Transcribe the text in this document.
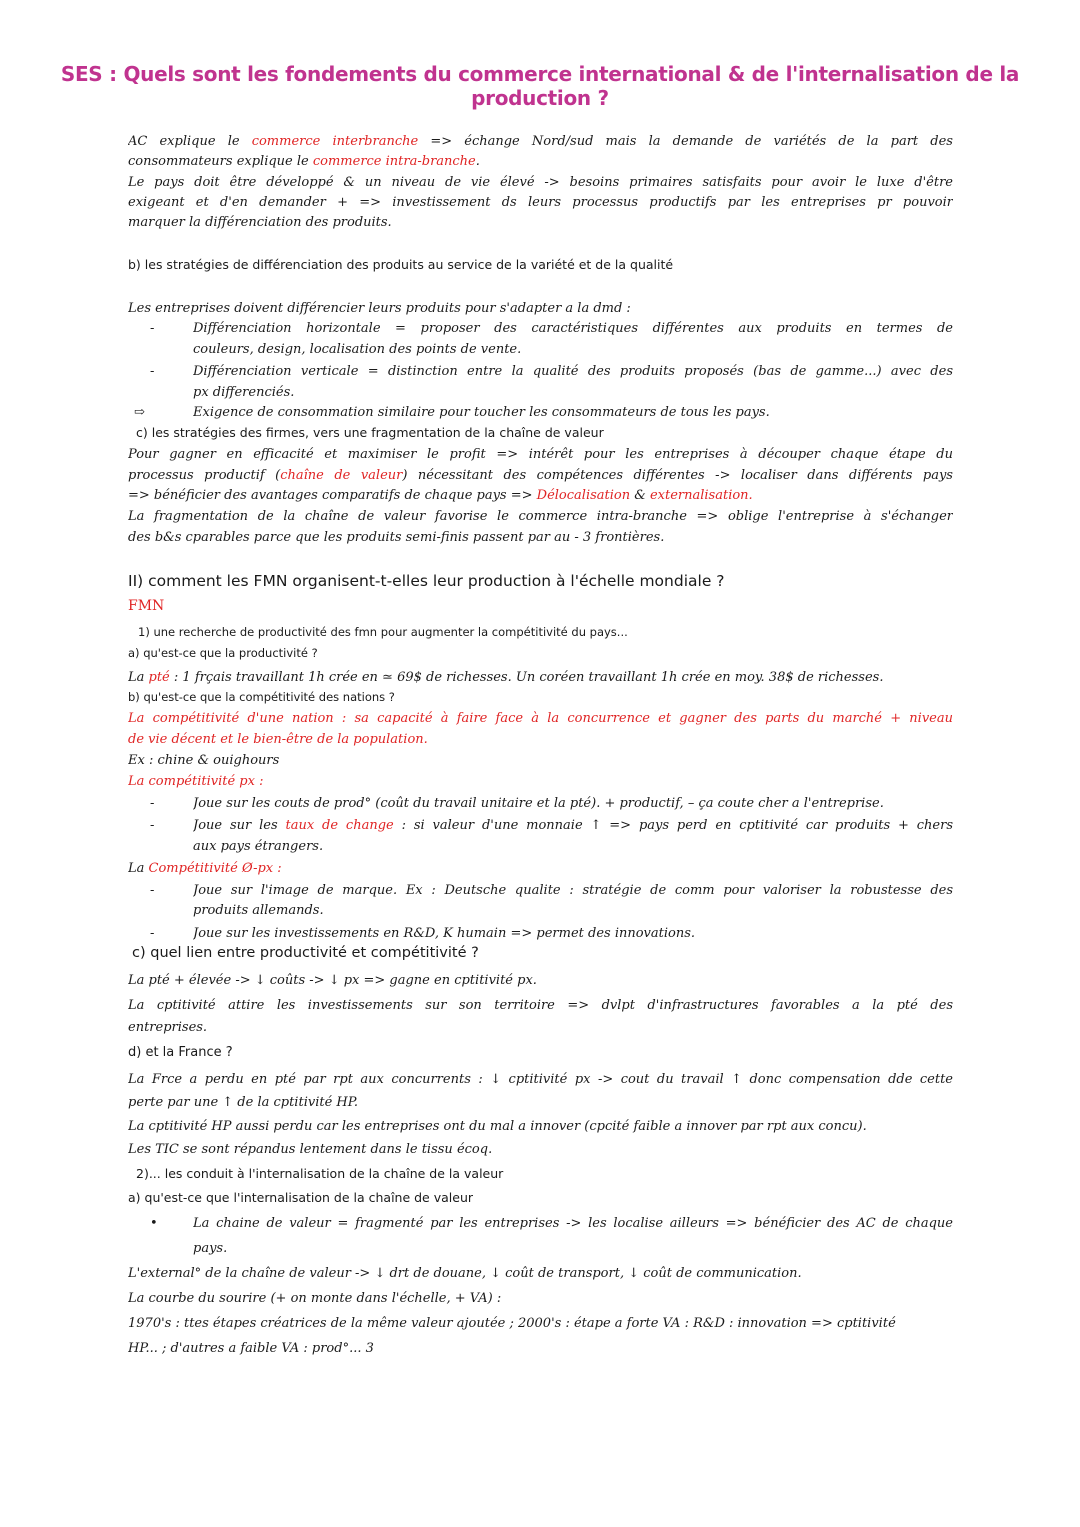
SES : Quels sont les fondements du commerce international & de l'internalisation de la production ?
AC explique le commerce interbranche => échange Nord/sud mais la demande de variétés de la part des
consommateurs explique le commerce intra-branche.
Le pays doit être développé & un niveau de vie élevé -> besoins primaires satisfaits pour avoir le luxe d'être
exigeant et d'en demander + => investissement ds leurs processus productifs par les entreprises pr pouvoir
marquer la différenciation des produits.
b) les stratégies de différenciation des produits au service de la variété et de la qualité
Les entreprises doivent différencier leurs produits pour s'adapter a la dmd :
-	Différenciation horizontale = proposer des caractéristiques différentes aux produits en termes de
couleurs, design, localisation des points de vente.
-	Différenciation verticale = distinction entre la qualité des produits proposés (bas de gamme...) avec des
px differenciés.
⇨	Exigence de consommation similaire pour toucher les consommateurs de tous les pays.
c) les stratégies des firmes, vers une fragmentation de la chaîne de valeur
Pour gagner en efficacité et maximiser le profit => intérêt pour les entreprises à découper chaque étape du
processus productif (chaîne de valeur) nécessitant des compétences différentes -> localiser dans différents pays
=> bénéficier des avantages comparatifs de chaque pays => Délocalisation & externalisation.
La fragmentation de la chaîne de valeur favorise le commerce intra-branche => oblige l'entreprise à s'échanger
des b&s cparables parce que les produits semi-finis passent par au - 3 frontières.
II) comment les FMN organisent-t-elles leur production à l'échelle mondiale ?
FMN
1) une recherche de productivité des fmn pour augmenter la compétitivité du pays...
a) qu'est-ce que la productivité ?
La pté : 1 frçais travaillant 1h crée en ≃ 69$ de richesses. Un coréen travaillant 1h crée en moy. 38$ de richesses.
b) qu'est-ce que la compétitivité des nations ?
La compétitivité d'une nation : sa capacité à faire face à la concurrence et gagner des parts du marché + niveau
de vie décent et le bien-être de la population.
Ex : chine & ouighours
La compétitivité px :
-	Joue sur les couts de prod° (coût du travail unitaire et la pté). + productif, – ça coute cher a l'entreprise.
-	Joue sur les taux de change : si valeur d'une monnaie ↑ => pays perd en cptitivité car produits + chers
aux pays étrangers.
La Compétitivité Ø-px :
-	Joue sur l'image de marque. Ex : Deutsche qualite : stratégie de comm pour valoriser la robustesse des
produits allemands.
-	Joue sur les investissements en R&D, K humain => permet des innovations.
c) quel lien entre productivité et compétitivité ?
La pté + élevée -> ↓ coûts -> ↓ px => gagne en cptitivité px.
La cptitivité attire les investissements sur son territoire => dvlpt d'infrastructures favorables a la pté des
entreprises.
d) et la France ?
La Frce a perdu en pté par rpt aux concurrents : ↓ cptitivité px -> cout du travail ↑ donc compensation dde cette
perte par une ↑ de la cptitivité HP.
La cptitivité HP aussi perdu car les entreprises ont du mal a innover (cpcité faible a innover par rpt aux concu).
Les TIC se sont répandus lentement dans le tissu écoq.
2)... les conduit à l'internalisation de la chaîne de la valeur
a) qu'est-ce que l'internalisation de la chaîne de valeur
•	La chaine de valeur = fragmenté par les entreprises -> les localise ailleurs => bénéficier des AC de chaque
pays.
L'external° de la chaîne de valeur -> ↓ drt de douane, ↓ coût de transport, ↓ coût de communication.
La courbe du sourire (+ on monte dans l'échelle, + VA) :
1970's : ttes étapes créatrices de la même valeur ajoutée ; 2000's : étape a forte VA : R&D : innovation => cptitivité
HP... ; d'autres a faible VA : prod°... 3
